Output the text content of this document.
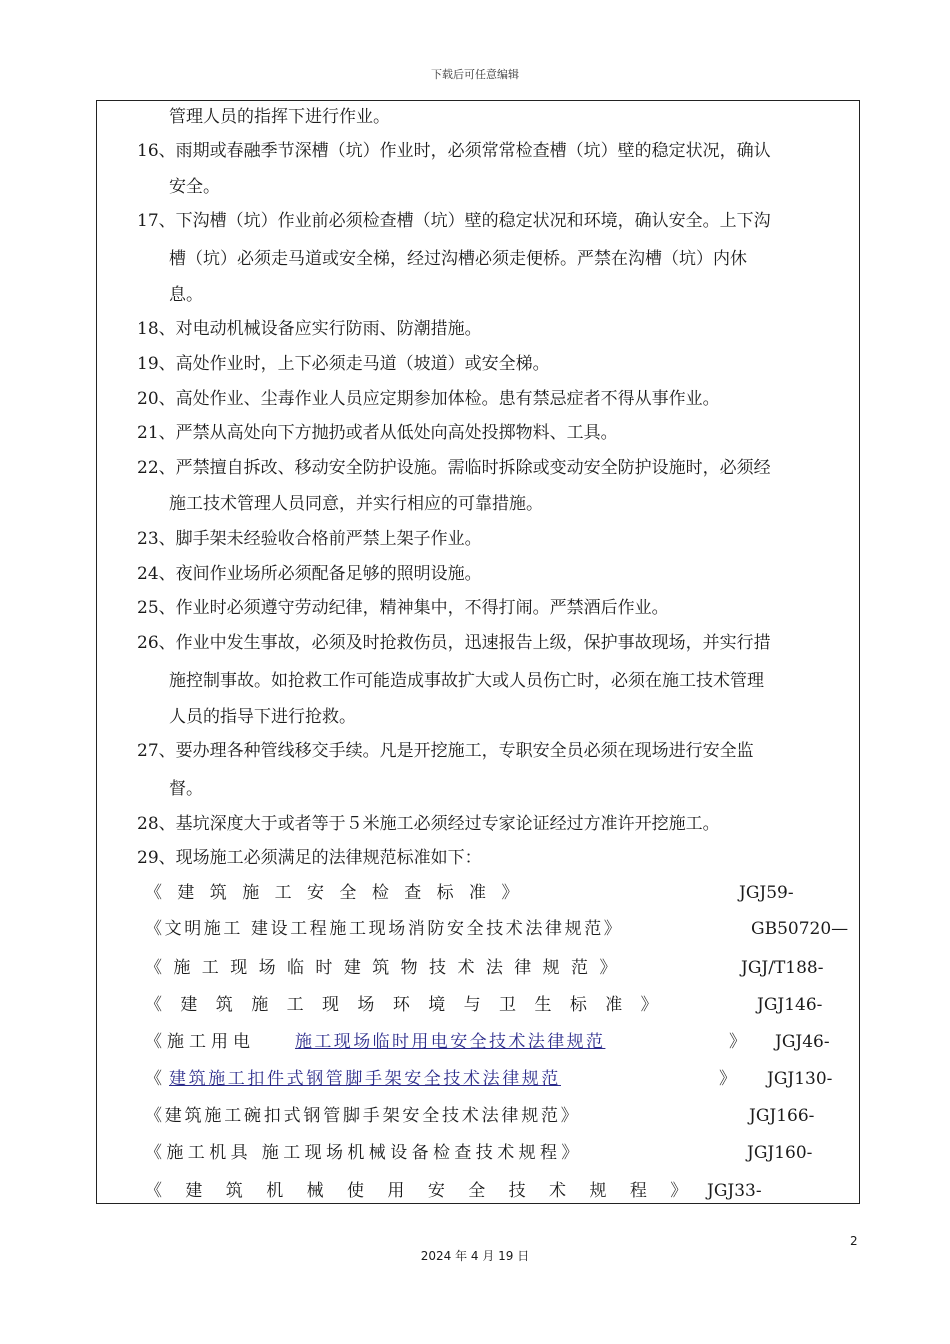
下载后可任意编辑
管理人员的指挥下进行作业。
16、雨期或春融季节深槽（坑）作业时，必须常常检查槽（坑）壁的稳定状况，确认
安全。
17、下沟槽（坑）作业前必须检查槽（坑）壁的稳定状况和环境，确认安全。上下沟
槽（坑）必须走马道或安全梯，经过沟槽必须走便桥。严禁在沟槽（坑）内休
息。
18、对电动机械设备应实行防雨、防潮措施。
19、高处作业时，上下必须走马道（坡道）或安全梯。
20、高处作业、尘毒作业人员应定期参加体检。患有禁忌症者不得从事作业。
21、严禁从高处向下方抛扔或者从低处向高处投掷物料、工具。
22、严禁擅自拆改、移动安全防护设施。需临时拆除或变动安全防护设施时，必须经
施工技术管理人员同意，并实行相应的可靠措施。
23、脚手架未经验收合格前严禁上架子作业。
24、夜间作业场所必须配备足够的照明设施。
25、作业时必须遵守劳动纪律，精神集中，不得打闹。严禁酒后作业。
26、作业中发生事故，必须及时抢救伤员，迅速报告上级，保护事故现场，并实行措
施控制事故。如抢救工作可能造成事故扩大或人员伤亡时，必须在施工技术管理
人员的指导下进行抢救。
27、要办理各种管线移交手续。凡是开挖施工，专职安全员必须在现场进行安全监
督。
28、基坑深度大于或者等于５米施工必须经过专家论证经过方准许开挖施工。
29、现场施工必须满足的法律规范标准如下：
《 建 筑 施 工 安 全 检 查 标 准 》	JGJ59-
《文明施工 建设工程施工现场消防安全技术法律规范》	GB50720—
《 施 工 现 场 临 时 建 筑 物 技 术 法 律 规 范 》	JGJ/T188-
《 建 筑 施 工 现 场 环 境 与 卫 生 标 准 》	JGJ146-
《施工用电 施工现场临时用电安全技术法律规范	》 JGJ46-
《 建筑施工扣件式钢管脚手架安全技术法律规范	》 JGJ130-
《建筑施工碗扣式钢管脚手架安全技术法律规范》	JGJ166-
《施工机具 施工现场机械设备检查技术规程》	JGJ160-
《 建 筑 机 械 使 用 安 全 技 术 规 程 》 JGJ33-
2
2024 年 4 月 19 日
